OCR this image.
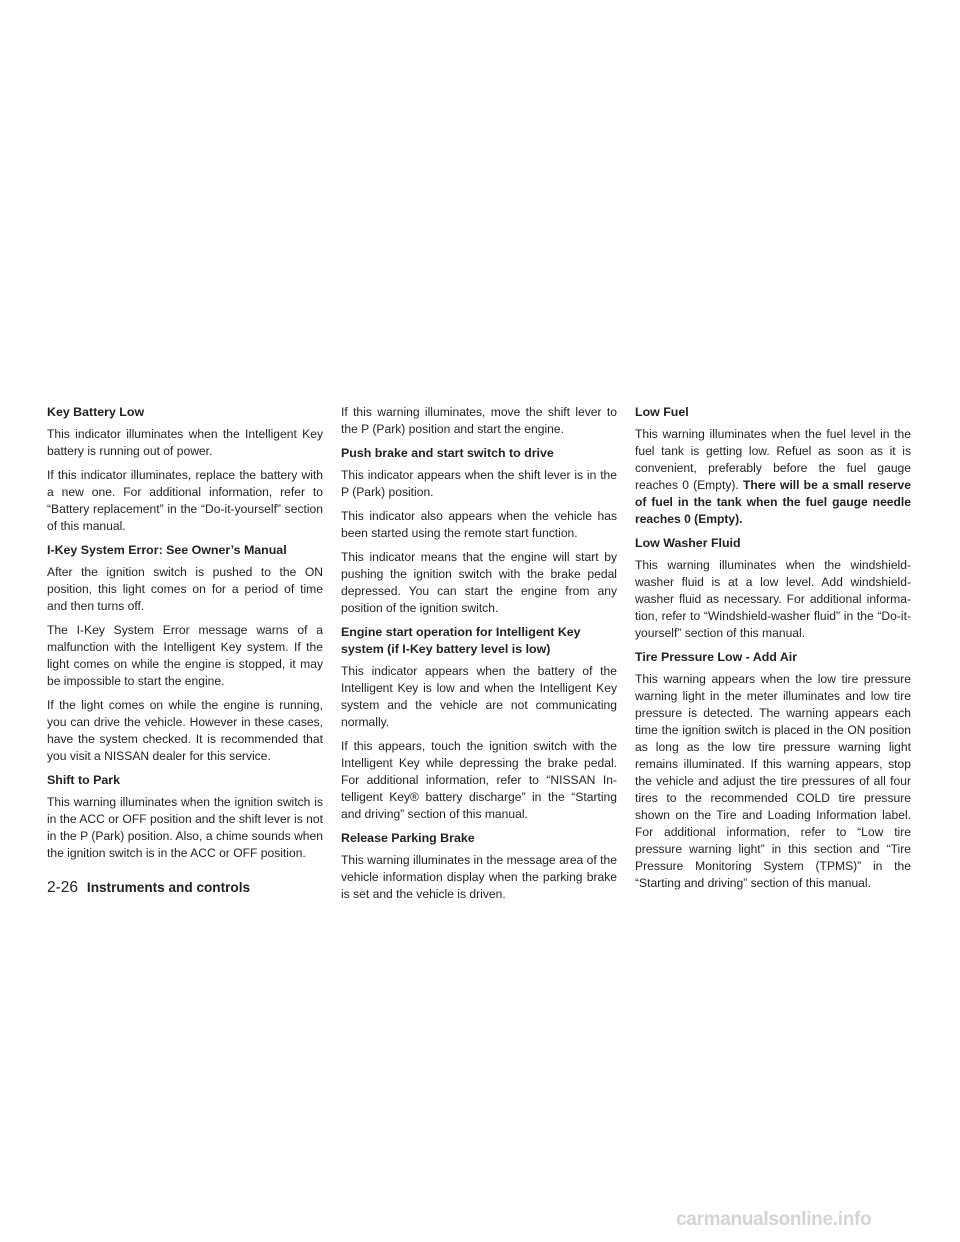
Key Battery Low

This indicator illuminates when the Intelligent Key battery is running out of power.

If this indicator illuminates, replace the battery with a new one. For additional information, refer to “Battery replacement” in the “Do-it-yourself” section of this manual.

I-Key System Error: See Owner’s Manual

After the ignition switch is pushed to the ON position, this light comes on for a period of time and then turns off.

The I-Key System Error message warns of a malfunction with the Intelligent Key system. If the light comes on while the engine is stopped, it may be impossible to start the engine.

If the light comes on while the engine is running, you can drive the vehicle. However in these cases, have the system checked. It is recommended that you visit a NISSAN dealer for this service.

Shift to Park

This warning illuminates when the ignition switch is in the ACC or OFF position and the shift lever is not in the P (Park) position. Also, a chime sounds when the ignition switch is in the ACC or OFF position.

If this warning illuminates, move the shift lever to the P (Park) position and start the engine.

Push brake and start switch to drive

This indicator appears when the shift lever is in the P (Park) position.

This indicator also appears when the vehicle has been started using the remote start function.

This indicator means that the engine will start by pushing the ignition switch with the brake pedal depressed. You can start the engine from any position of the ignition switch.

Engine start operation for Intelligent Key system (if I-Key battery level is low)

This indicator appears when the battery of the Intelligent Key is low and when the Intelligent Key system and the vehicle are not communicating normally.

If this appears, touch the ignition switch with the Intelligent Key while depressing the brake pedal. For additional information, refer to “NISSAN Intelligent Key® battery discharge” in the “Starting and driving” section of this manual.

Release Parking Brake

This warning illuminates in the message area of the vehicle information display when the parking brake is set and the vehicle is driven.

Low Fuel

This warning illuminates when the fuel level in the fuel tank is getting low. Refuel as soon as it is convenient, preferably before the fuel gauge reaches 0 (Empty). There will be a small reserve of fuel in the tank when the fuel gauge needle reaches 0 (Empty).

Low Washer Fluid

This warning illuminates when the windshield-washer fluid is at a low level. Add windshield-washer fluid as necessary. For additional information, refer to “Windshield-washer fluid” in the “Do-it-yourself” section of this manual.

Tire Pressure Low - Add Air

This warning appears when the low tire pressure warning light in the meter illuminates and low tire pressure is detected. The warning appears each time the ignition switch is placed in the ON position as long as the low tire pressure warning light remains illuminated. If this warning appears, stop the vehicle and adjust the tire pressures of all four tires to the recommended COLD tire pressure shown on the Tire and Loading Information label. For additional information, refer to “Low tire pressure warning light” in this section and “Tire Pressure Monitoring System (TPMS)” in the “Starting and driving” section of this manual.

2-26 Instruments and controls
carmanualsonline.info
